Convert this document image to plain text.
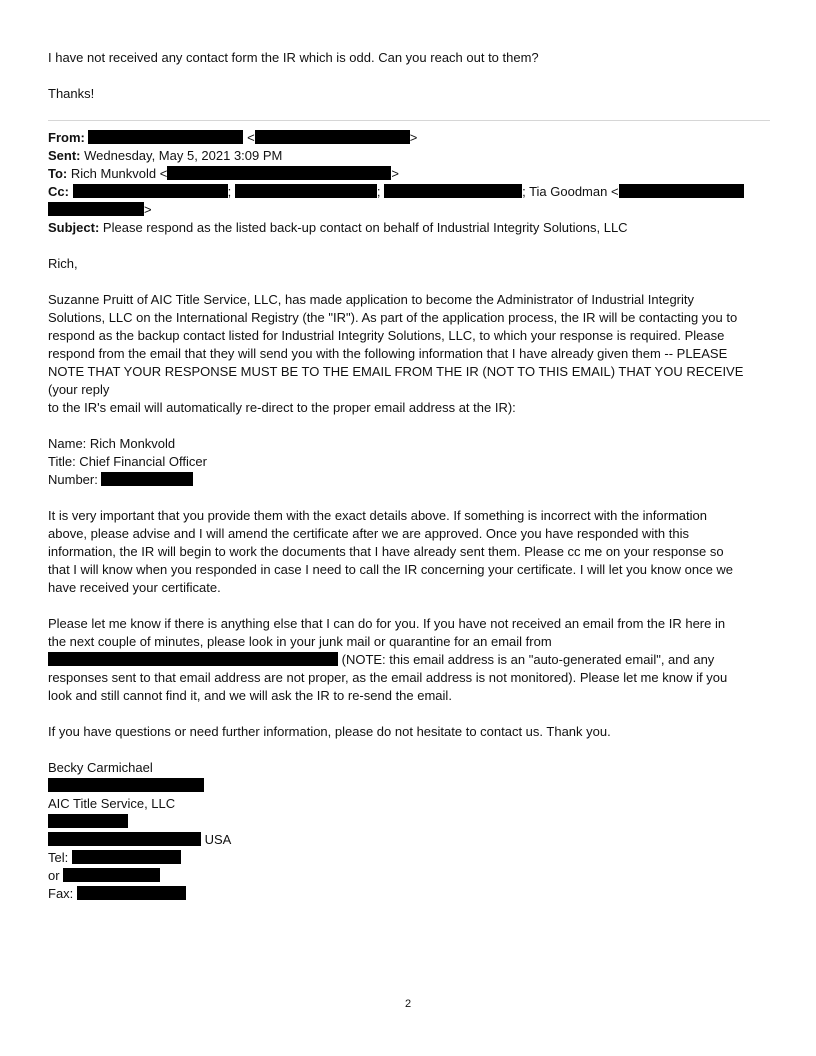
I have not received any contact form the IR which is odd. Can you reach out to them?

Thanks!

From:	<	>

Sent: Wednesday, May 5, 2021 3:09 PM

To: Rich Munkvold <	>

Cc:	;	;	; Tia Goodman <

>

Subject: Please respond as the listed back-up contact on behalf of Industrial Integrity Solutions, LLC

Rich,

Suzanne Pruitt of AIC Title Service, LLC, has made application to become the Administrator of Industrial Integrity

Solutions, LLC on the International Registry (the "IR"). As part of the application process, the IR will be contacting you to

respond as the backup contact listed for Industrial Integrity Solutions, LLC, to which your response is required. Please

respond from the email that they will send you with the following information that I have already given them -- PLEASE

NOTE THAT YOUR RESPONSE MUST BE TO THE EMAIL FROM THE IR (NOT TO THIS EMAIL) THAT YOU RECEIVE (your reply

to the IR's email will automatically re-direct to the proper email address at the IR):

Name: Rich Monkvold

Title: Chief Financial Officer

Number:

It is very important that you provide them with the exact details above. If something is incorrect with the information

above, please advise and I will amend the certificate after we are approved. Once you have responded with this

information, the IR will begin to work the documents that I have already sent them. Please cc me on your response so

that I will know when you responded in case I need to call the IR concerning your certificate. I will let you know once we

have received your certificate.

Please let me know if there is anything else that I can do for you. If you have not received an email from the IR here in

the next couple of minutes, please look in your junk mail or quarantine for an email from

(NOTE: this email address is an "auto-generated email", and any

responses sent to that email address are not proper, as the email address is not monitored). Please let me know if you

look and still cannot find it, and we will ask the IR to re-send the email.

If you have questions or need further information, please do not hesitate to contact us. Thank you.

Becky Carmichael

AIC Title Service, LLC

USA

Tel:

or

Fax:

2
